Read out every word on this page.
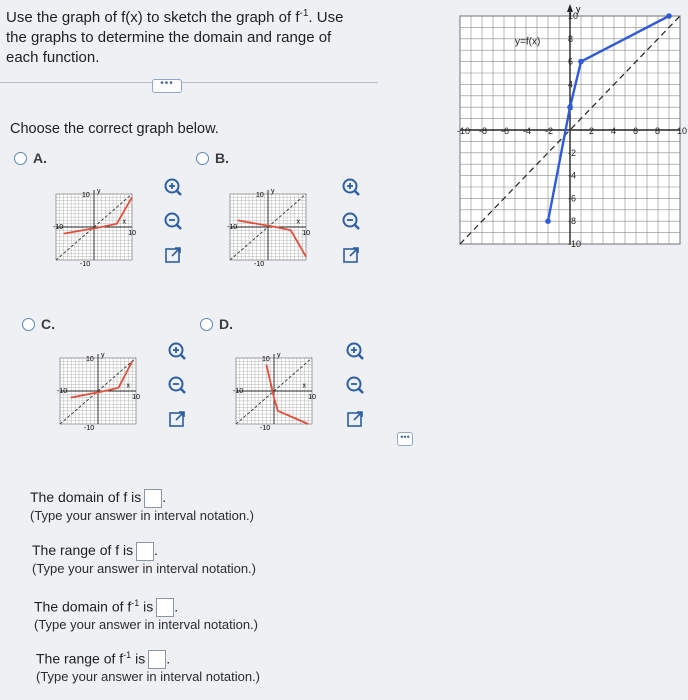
Use the graph of f(x) to sketch the graph of $f^{-1}$. Use
the graphs to determine the domain and range of
each function.
•••
Choose the correct graph below.
A.	B.
C.	D.
10
-10
-10
10
x
y
10
-10
-10
10
x
y
10
-10
-10
10
x
y
10
-10
-10
10
x
y
y
-10 -8 -6 -4 -2	2 4 6 8 10
10
8
6
4
-2
-4
-6
-8
-10
y=f(x)
•••
The domain of f is .
(Type your answer in interval notation.)
The range of f is .
(Type your answer in interval notation.)
The domain of $f^{-1}$ is .
(Type your answer in interval notation.)
The range of $f^{-1}$ is .
(Type your answer in interval notation.)
